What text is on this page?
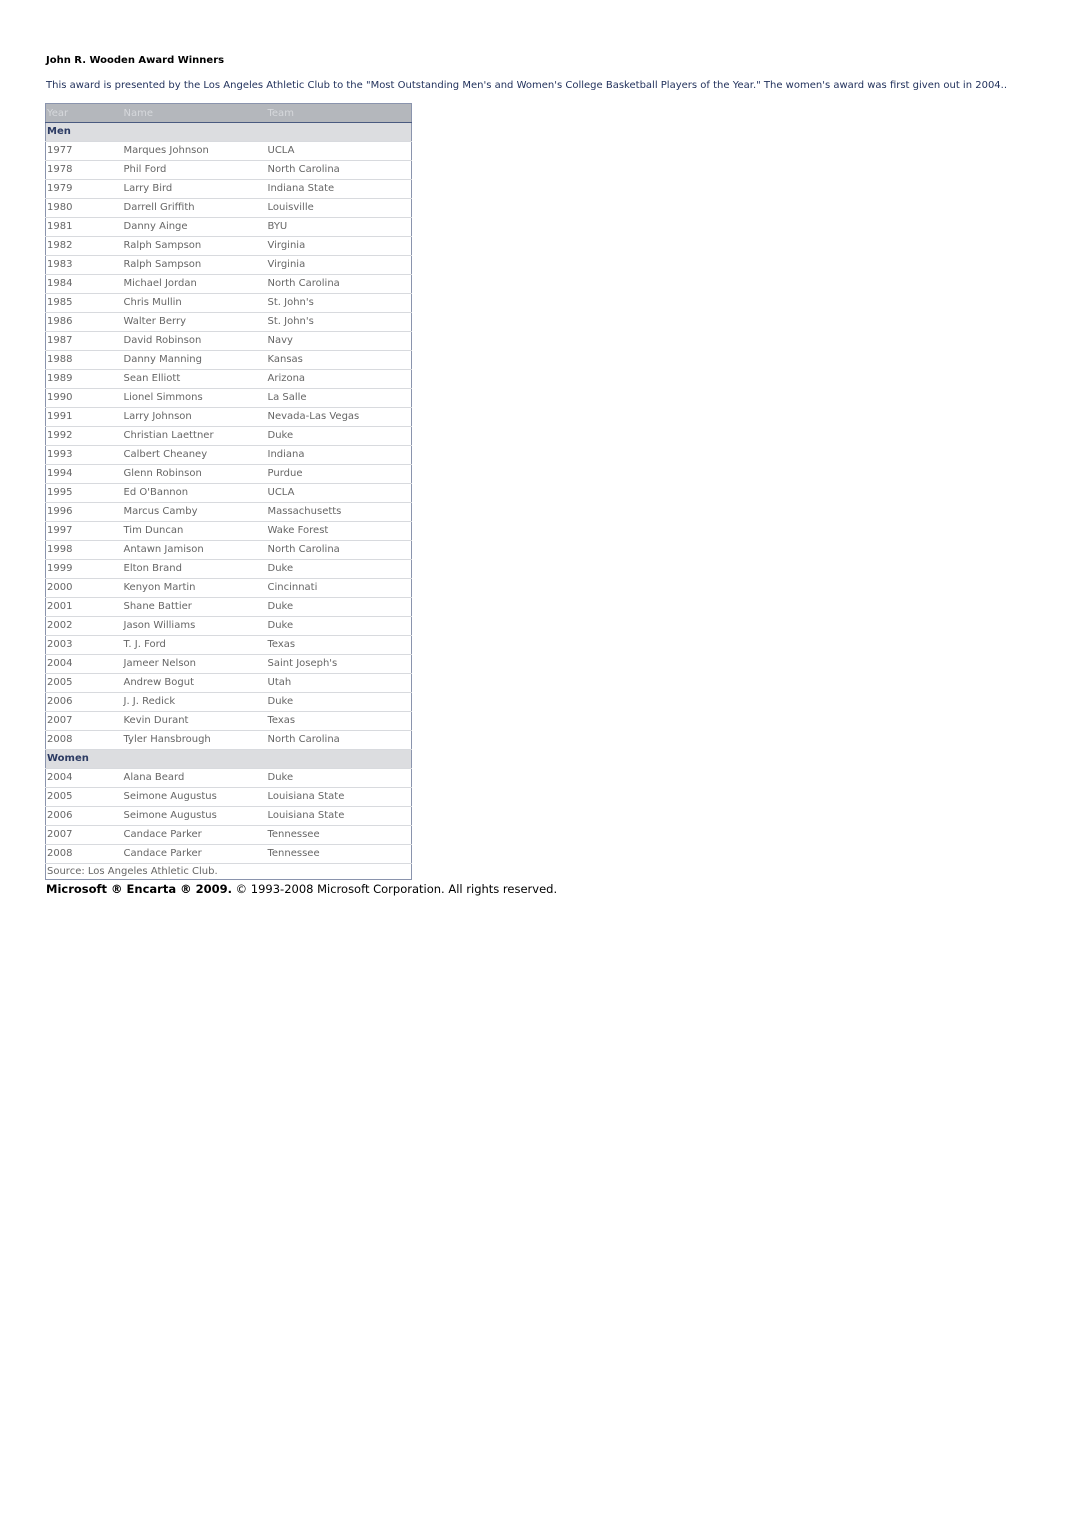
John R. Wooden Award Winners

This award is presented by the Los Angeles Athletic Club to the "Most Outstanding Men's and Women's College Basketball Players of the Year." The women's award was first given out in 2004..

Year	Name	Team
Men		
1977	Marques Johnson	UCLA
1978	Phil Ford	North Carolina
1979	Larry Bird	Indiana State
1980	Darrell Griffith	Louisville
1981	Danny Ainge	BYU
1982	Ralph Sampson	Virginia
1983	Ralph Sampson	Virginia
1984	Michael Jordan	North Carolina
1985	Chris Mullin	St. John's
1986	Walter Berry	St. John's
1987	David Robinson	Navy
1988	Danny Manning	Kansas
1989	Sean Elliott	Arizona
1990	Lionel Simmons	La Salle
1991	Larry Johnson	Nevada-Las Vegas
1992	Christian Laettner	Duke
1993	Calbert Cheaney	Indiana
1994	Glenn Robinson	Purdue
1995	Ed O'Bannon	UCLA
1996	Marcus Camby	Massachusetts
1997	Tim Duncan	Wake Forest
1998	Antawn Jamison	North Carolina
1999	Elton Brand	Duke
2000	Kenyon Martin	Cincinnati
2001	Shane Battier	Duke
2002	Jason Williams	Duke
2003	T. J. Ford	Texas
2004	Jameer Nelson	Saint Joseph's
2005	Andrew Bogut	Utah
2006	J. J. Redick	Duke
2007	Kevin Durant	Texas
2008	Tyler Hansbrough	North Carolina
Women		
2004	Alana Beard	Duke
2005	Seimone Augustus	Louisiana State
2006	Seimone Augustus	Louisiana State
2007	Candace Parker	Tennessee
2008	Candace Parker	Tennessee
Source: Los Angeles Athletic Club.		
Microsoft ® Encarta ® 2009. © 1993-2008 Microsoft Corporation. All rights reserved.
